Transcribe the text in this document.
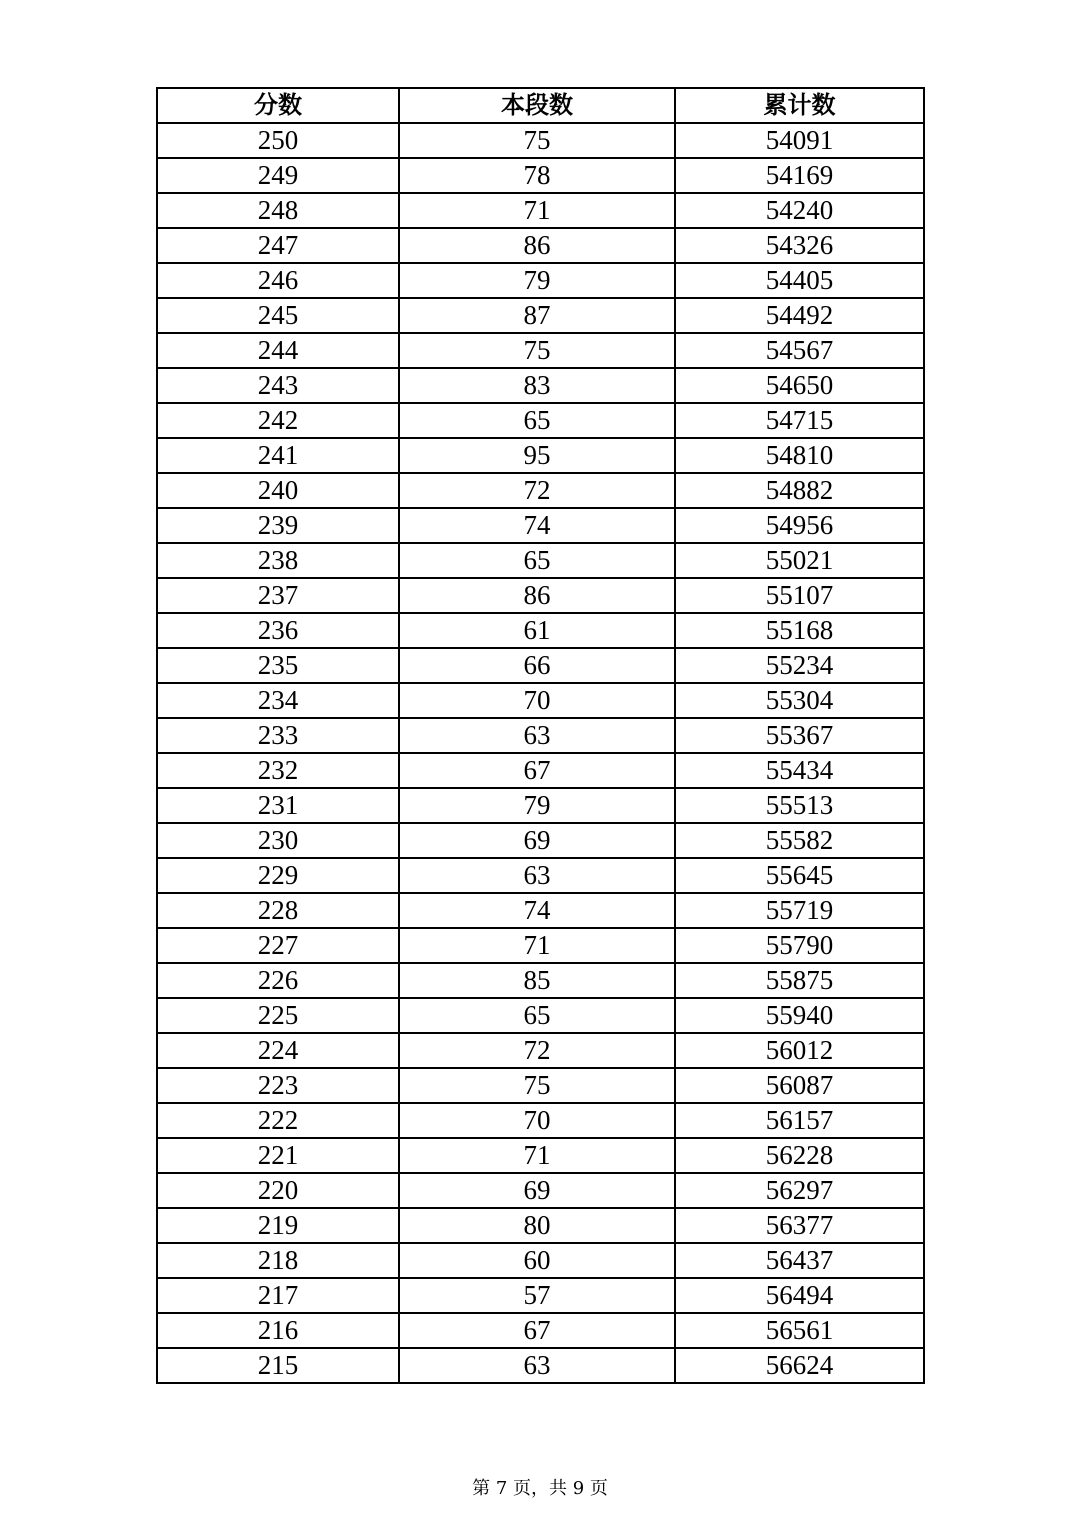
分数	本段数	累计数
250	75	54091
249	78	54169
248	71	54240
247	86	54326
246	79	54405
245	87	54492
244	75	54567
243	83	54650
242	65	54715
241	95	54810
240	72	54882
239	74	54956
238	65	55021
237	86	55107
236	61	55168
235	66	55234
234	70	55304
233	63	55367
232	67	55434
231	79	55513
230	69	55582
229	63	55645
228	74	55719
227	71	55790
226	85	55875
225	65	55940
224	72	56012
223	75	56087
222	70	56157
221	71	56228
220	69	56297
219	80	56377
218	60	56437
217	57	56494
216	67	56561
215	63	56624
第 7 页，共 9 页
